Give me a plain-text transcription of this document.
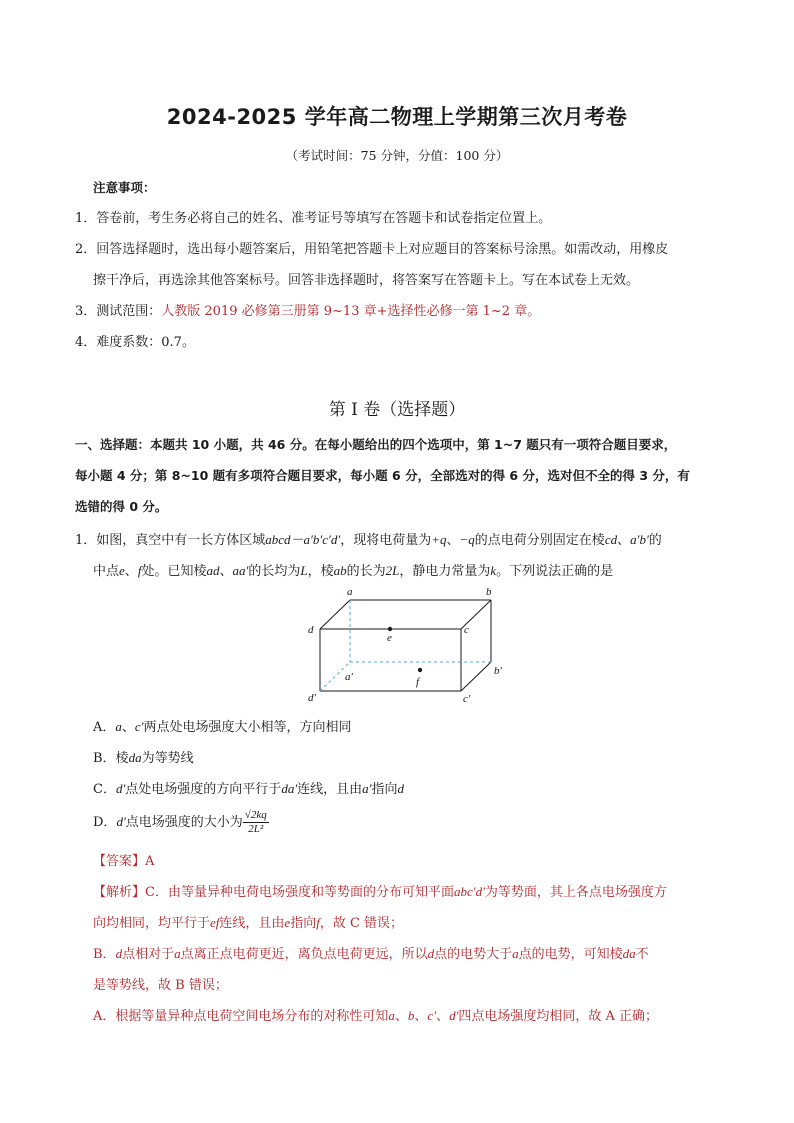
2024-2025 学年高二物理上学期第三次月考卷
（考试时间：75 分钟，分值：100 分）
注意事项：
1．答卷前，考生务必将自己的姓名、准考证号等填写在答题卡和试卷指定位置上。
2．回答选择题时，选出每小题答案后，用铅笔把答题卡上对应题目的答案标号涂黑。如需改动，用橡皮
擦干净后，再选涂其他答案标号。回答非选择题时，将答案写在答题卡上。写在本试卷上无效。
3．测试范围：人教版 2019 必修第三册第 9~13 章+选择性必修一第 1~2 章。
4．难度系数：0.7。
第 I 卷（选择题）
一、选择题：本题共 10 小题，共 46 分。在每小题给出的四个选项中，第 1~7 题只有一项符合题目要求，
每小题 4 分；第 8~10 题有多项符合题目要求，每小题 6 分，全部选对的得 6 分，选对但不全的得 3 分，有
选错的得 0 分。
1．如图，真空中有一长方体区域abcd－a′b′c′d′，现将电荷量为+q、−q的点电荷分别固定在棱cd、a′b′的
中点e、f处。已知棱ad、aa′的长均为L，棱ab的长为2L，静电力常量为k。下列说法正确的是
a	b
d	c
e
b′
a′	f
d′	c′
A．a、c′两点处电场强度大小相等，方向相同
B．棱da为等势线
C．d′点处电场强度的方向平行于da′连线，且由a′指向d
D．d′点电场强度的大小为 $\frac{√2kq}{\text{2L²}}$
【答案】A
【解析】C．由等量异种电荷电场强度和等势面的分布可知平面abc′d′为等势面，其上各点电场强度方
向均相同，均平行于ef连线，且由e指向f，故 C 错误；
B．d点相对于a点离正点电荷更近，离负点电荷更远，所以d点的电势大于a点的电势，可知棱da不
是等势线，故 B 错误；
A．根据等量异种点电荷空间电场分布的对称性可知a、b、c′、d′四点电场强度均相同，故 A 正确；
